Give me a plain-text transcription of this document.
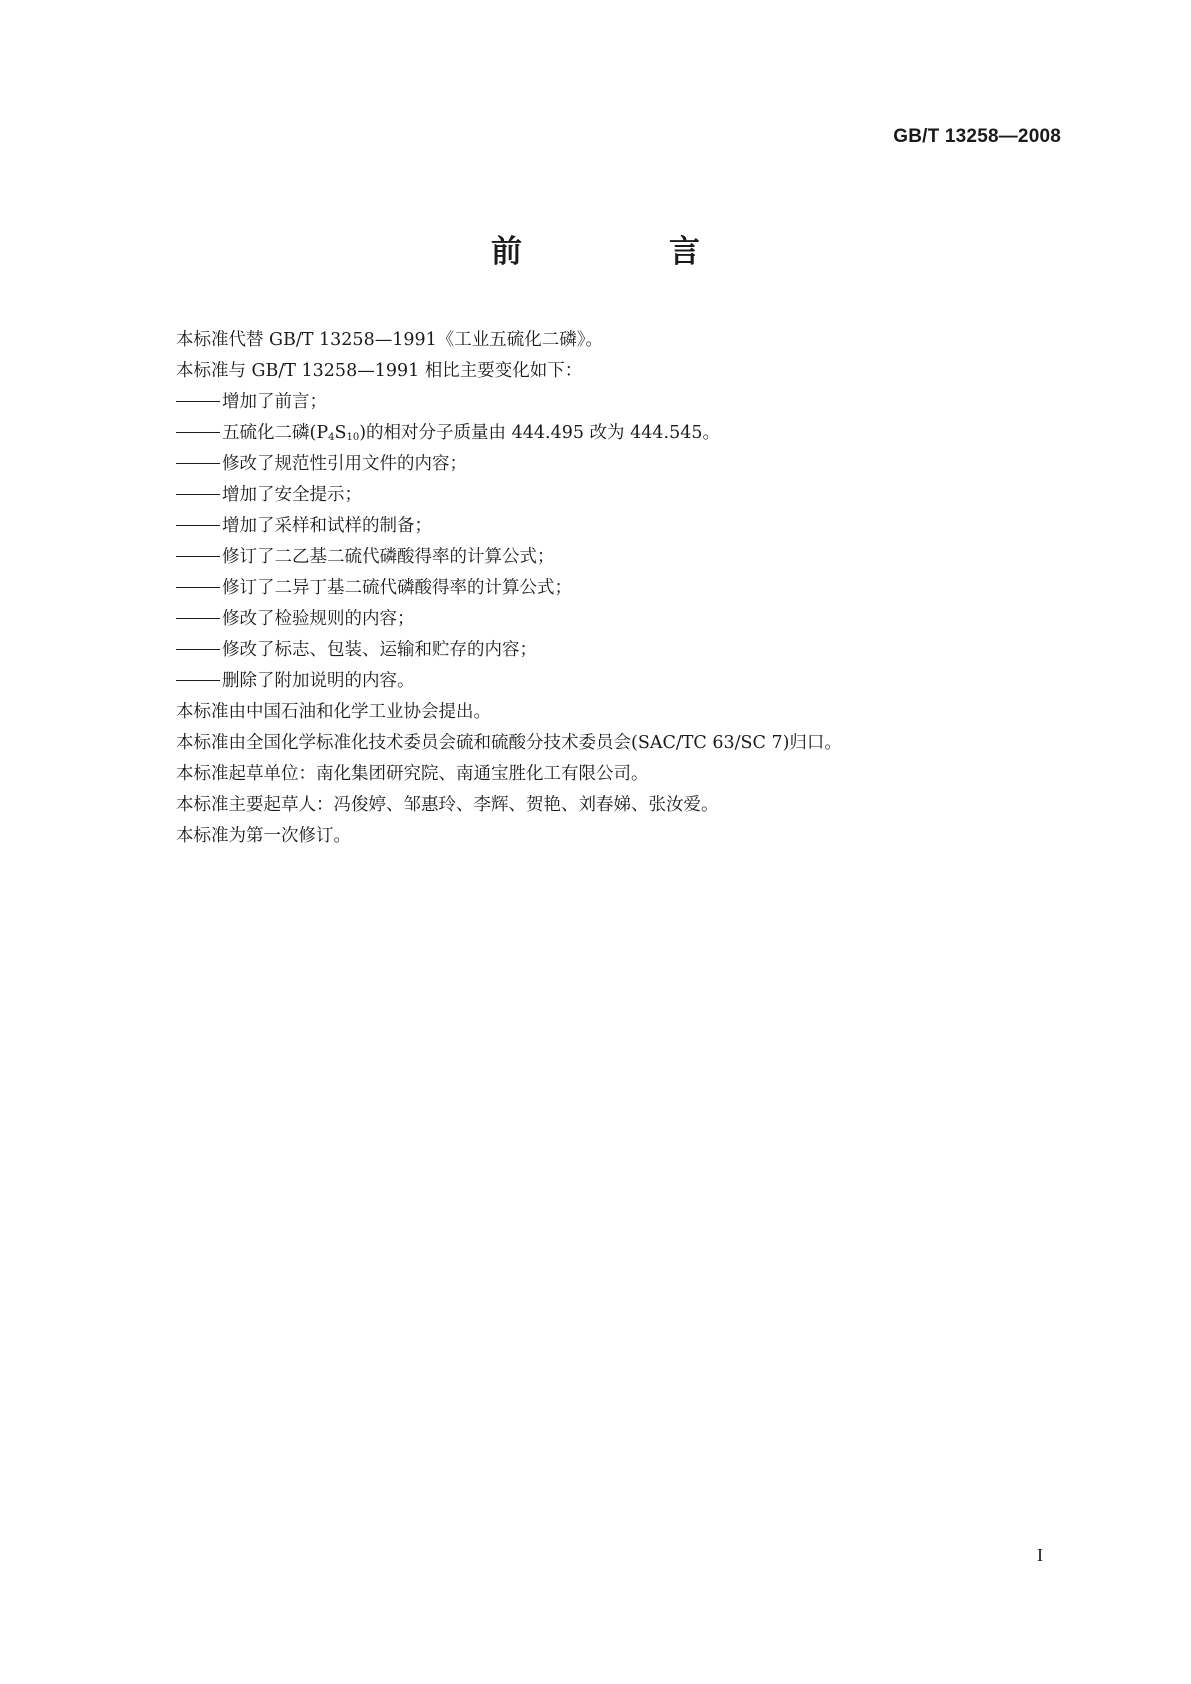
GB/T 13258—2008
前　言
本标准代替 GB/T 13258—1991《工业五硫化二磷》。
本标准与 GB/T 13258—1991 相比主要变化如下：
增加了前言；
五硫化二磷$(P_4S_{10})$的相对分子质量由 444.495 改为 444.545。
修改了规范性引用文件的内容；
增加了安全提示；
增加了采样和试样的制备；
修订了二乙基二硫代磷酸得率的计算公式；
修订了二异丁基二硫代磷酸得率的计算公式；
修改了检验规则的内容；
修改了标志、包装、运输和贮存的内容；
删除了附加说明的内容。
本标准由中国石油和化学工业协会提出。
本标准由全国化学标准化技术委员会硫和硫酸分技术委员会(SAC/TC 63/SC 7)归口。
本标准起草单位：南化集团研究院、南通宝胜化工有限公司。
本标准主要起草人：冯俊婷、邹惠玲、李辉、贺艳、刘春娣、张汝爱。
本标准为第一次修订。
I
